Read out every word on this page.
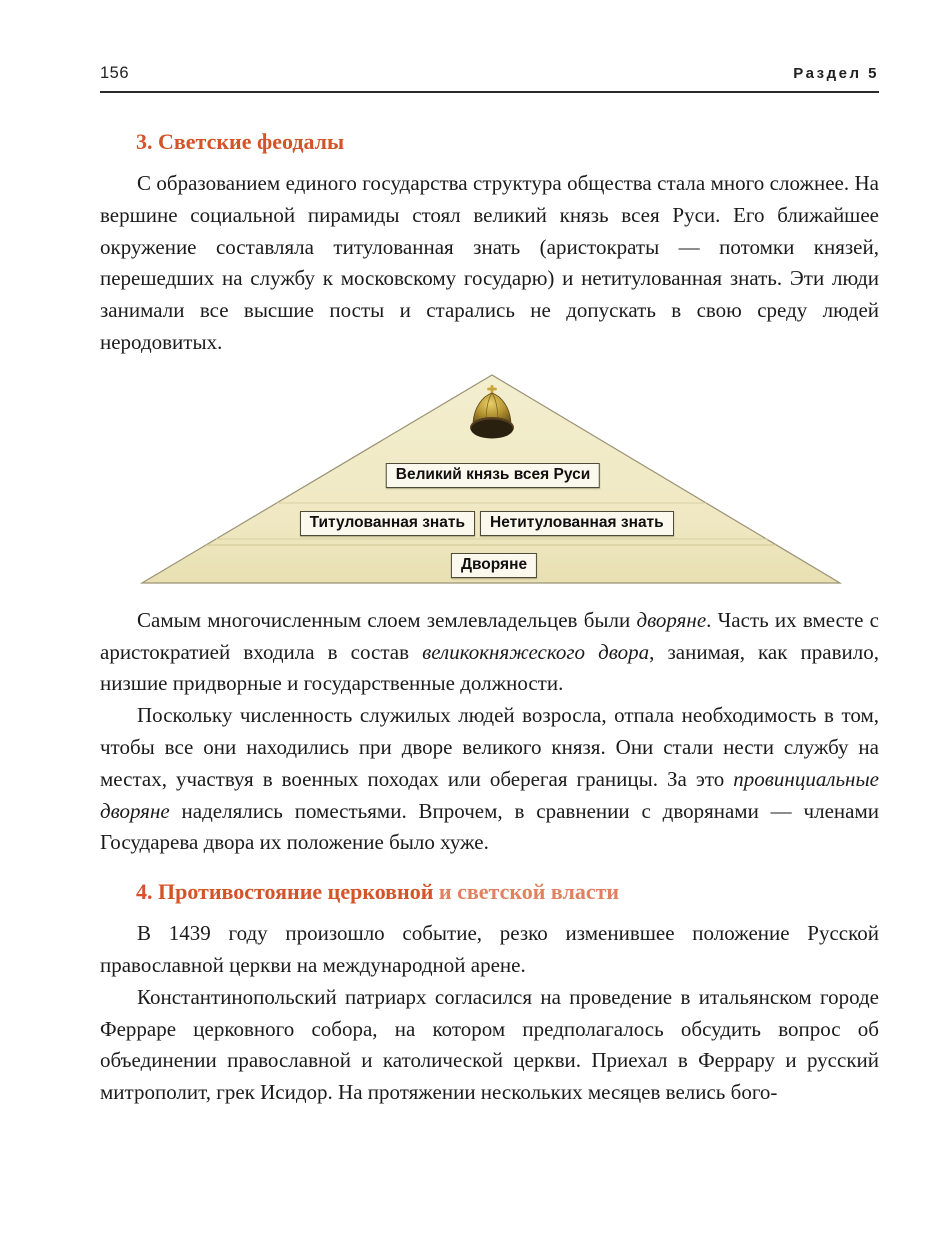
156	Раздел 5
3. Светские феодалы

С образованием единого государства структура общества стала много сложнее. На вершине социальной пирамиды стоял великий князь всея Руси. Его ближайшее окружение составляла титулованная знать (аристократы — потомки князей, перешедших на службу к московскому государю) и нетитулованная знать. Эти люди занимали все высшие посты и старались не допускать в свою среду людей неродовитых.

Великий князь всея Руси
Титулованная знать	Нетитулованная знать
Дворяне

Самым многочисленным слоем землевладельцев были дворяне. Часть их вместе с аристократией входила в состав великокняжеского двора, занимая, как правило, низшие придворные и государственные должности.

Поскольку численность служилых людей возросла, отпала необходимость в том, чтобы все они находились при дворе великого князя. Они стали нести службу на местах, участвуя в военных походах или оберегая границы. За это провинциальные дворяне наделялись поместьями. Впрочем, в сравнении с дворянами — членами Государева двора их положение было хуже.

4. Противостояние церковной и светской власти

В 1439 году произошло событие, резко изменившее положение Русской православной церкви на международной арене.

Константинопольский патриарх согласился на проведение в итальянском городе Ферраре церковного собора, на котором предполагалось обсудить вопрос об объединении православной и католической церкви. Приехал в Феррару и русский митрополит, грек Исидор. На протяжении нескольких месяцев велись бого-
